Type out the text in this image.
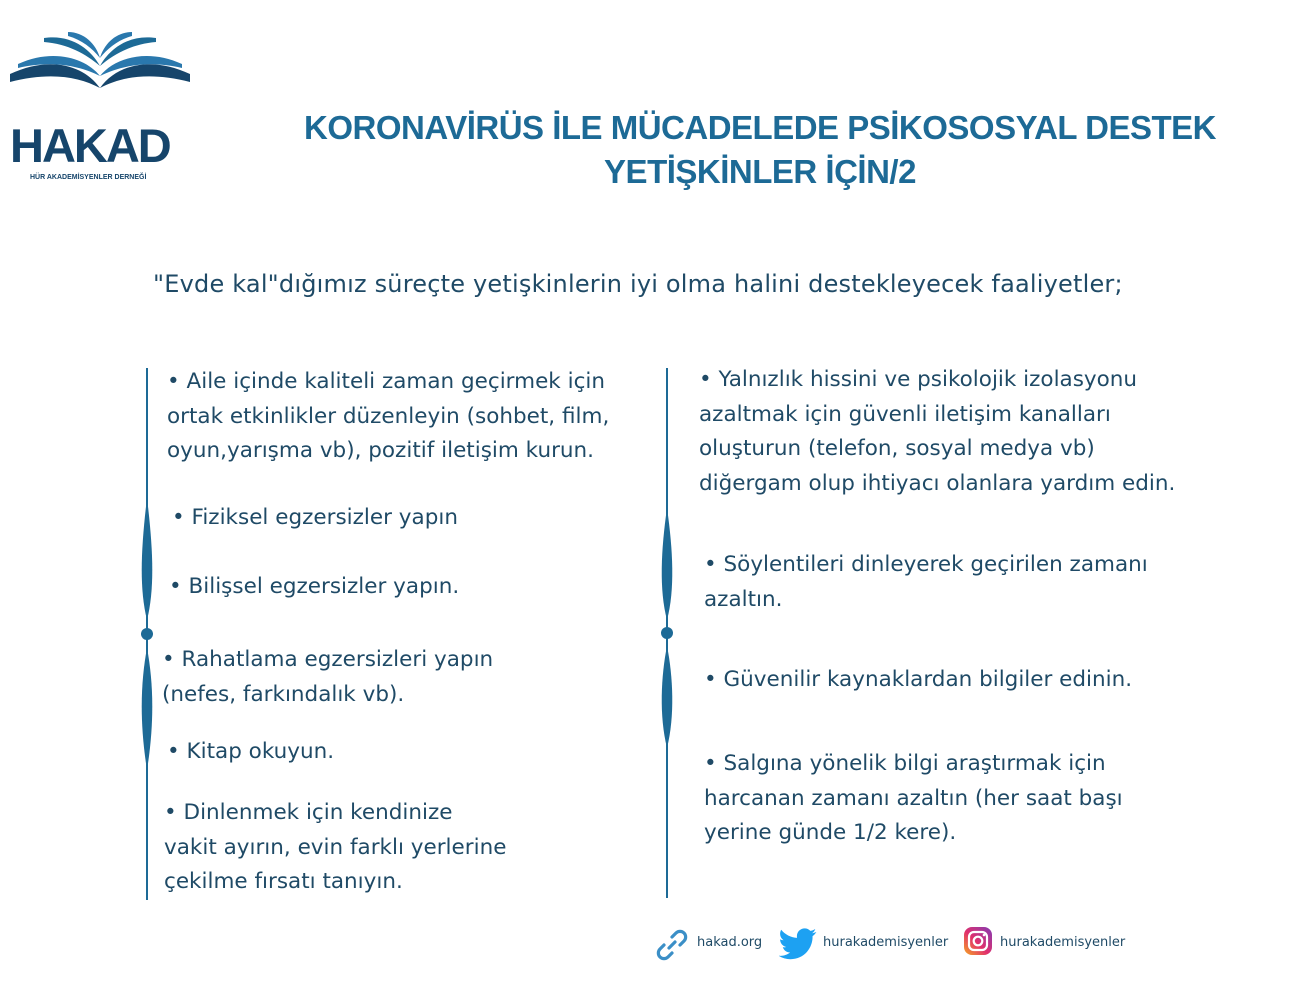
HAKAD
HÜR AKADEMİSYENLER DERNEĞİ
KORONAVİRÜS İLE MÜCADELEDE PSİKOSOSYAL DESTEK
YETİŞKİNLER İÇİN/2
"Evde kal"dığımız süreçte yetişkinlerin iyi olma halini destekleyecek faaliyetler;
• Aile içinde kaliteli zaman geçirmek için
ortak etkinlikler düzenleyin (sohbet, film,
oyun,yarışma vb), pozitif iletişim kurun.
• Fiziksel egzersizler yapın
• Bilişsel egzersizler yapın.
• Rahatlama egzersizleri yapın
(nefes, farkındalık vb).
• Kitap okuyun.
• Dinlenmek için kendinize
vakit ayırın, evin farklı yerlerine
çekilme fırsatı tanıyın.
• Yalnızlık hissini ve psikolojik izolasyonu
azaltmak için güvenli iletişim kanalları
oluşturun (telefon, sosyal medya vb)
diğergam olup ihtiyacı olanlara yardım edin.
• Söylentileri dinleyerek geçirilen zamanı
azaltın.
• Güvenilir kaynaklardan bilgiler edinin.
• Salgına yönelik bilgi araştırmak için
harcanan zamanı azaltın (her saat başı
yerine günde 1/2 kere).
hakad.org	hurakademisyenler	hurakademisyenler
